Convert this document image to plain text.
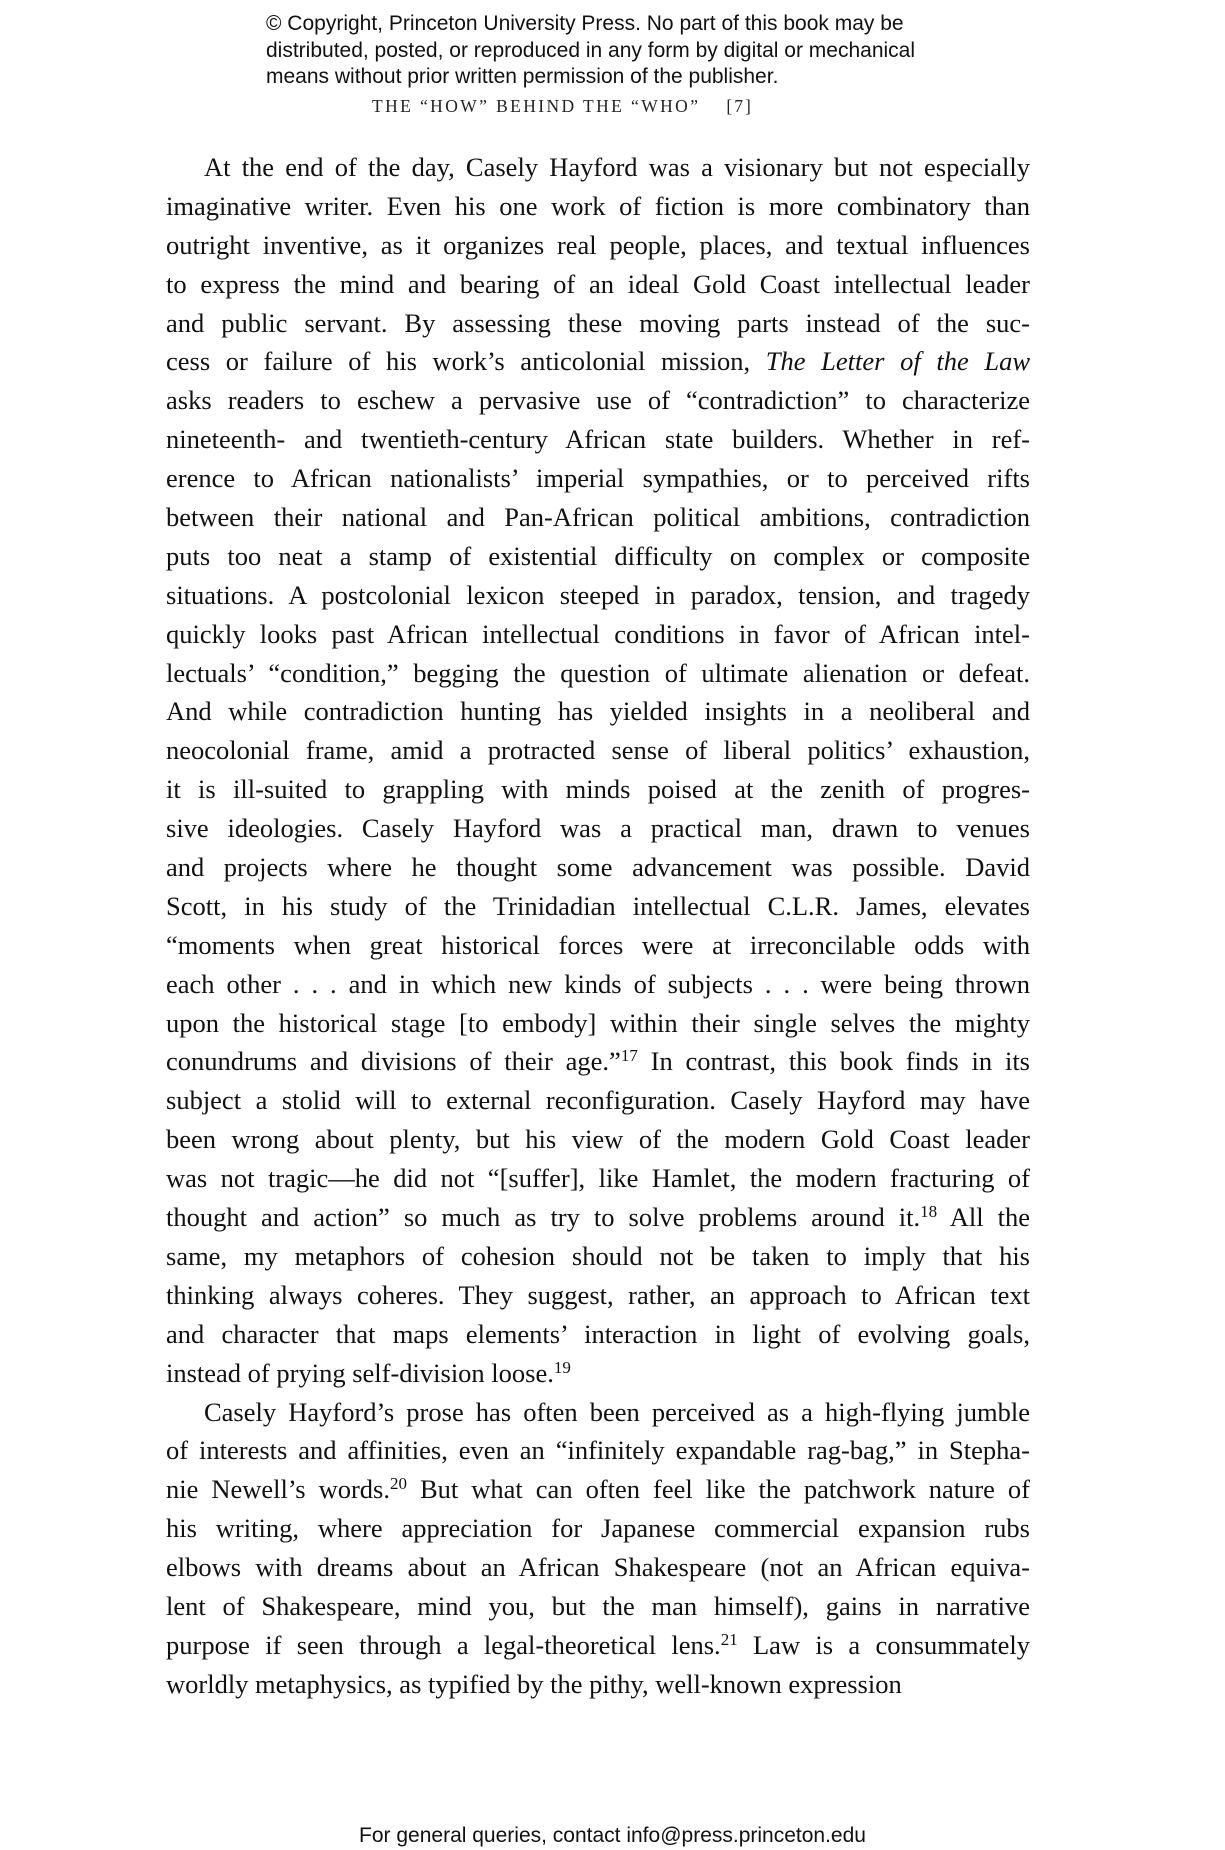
© Copyright, Princeton University Press. No part of this book may be
distributed, posted, or reproduced in any form by digital or mechanical
means without prior written permission of the publisher.
THE “HOW” BEHIND THE “WHO” [7]
At the end of the day, Casely Hayford was a visionary but not especially
imaginative writer. Even his one work of fiction is more combinatory than
outright inventive, as it organizes real people, places, and textual influences
to express the mind and bearing of an ideal Gold Coast intellectual leader
and public servant. By assessing these moving parts instead of the suc-
cess or failure of his work’s anticolonial mission, The Letter of the Law
asks readers to eschew a pervasive use of “contradiction” to characterize
nineteenth- and twentieth-century African state builders. Whether in ref-
erence to African nationalists’ imperial sympathies, or to perceived rifts
between their national and Pan-African political ambitions, contradiction
puts too neat a stamp of existential difficulty on complex or composite
situations. A postcolonial lexicon steeped in paradox, tension, and tragedy
quickly looks past African intellectual conditions in favor of African intel-
lectuals’ “condition,” begging the question of ultimate alienation or defeat.
And while contradiction hunting has yielded insights in a neoliberal and
neocolonial frame, amid a protracted sense of liberal politics’ exhaustion,
it is ill-suited to grappling with minds poised at the zenith of progres-
sive ideologies. Casely Hayford was a practical man, drawn to venues
and projects where he thought some advancement was possible. David
Scott, in his study of the Trinidadian intellectual C.L.R. James, elevates
“moments when great historical forces were at irreconcilable odds with
each other . . . and in which new kinds of subjects . . . were being thrown
upon the historical stage [to embody] within their single selves the mighty
conundrums and divisions of their age.”$^{17}$ In contrast, this book finds in its
subject a stolid will to external reconfiguration. Casely Hayford may have
been wrong about plenty, but his view of the modern Gold Coast leader
was not tragic—he did not “[suffer], like Hamlet, the modern fracturing of
thought and action” so much as try to solve problems around it.$^{18}$ All the
same, my metaphors of cohesion should not be taken to imply that his
thinking always coheres. They suggest, rather, an approach to African text
and character that maps elements’ interaction in light of evolving goals,
instead of prying self-division loose.$^{19}$
Casely Hayford’s prose has often been perceived as a high-flying jumble
of interests and affinities, even an “infinitely expandable rag-bag,” in Stepha-
nie Newell’s words.$^{20}$ But what can often feel like the patchwork nature of
his writing, where appreciation for Japanese commercial expansion rubs
elbows with dreams about an African Shakespeare (not an African equiva-
lent of Shakespeare, mind you, but the man himself), gains in narrative
purpose if seen through a legal-theoretical lens.$^{21}$ Law is a consummately
worldly metaphysics, as typified by the pithy, well-known expression
For general queries, contact info@press.princeton.edu
